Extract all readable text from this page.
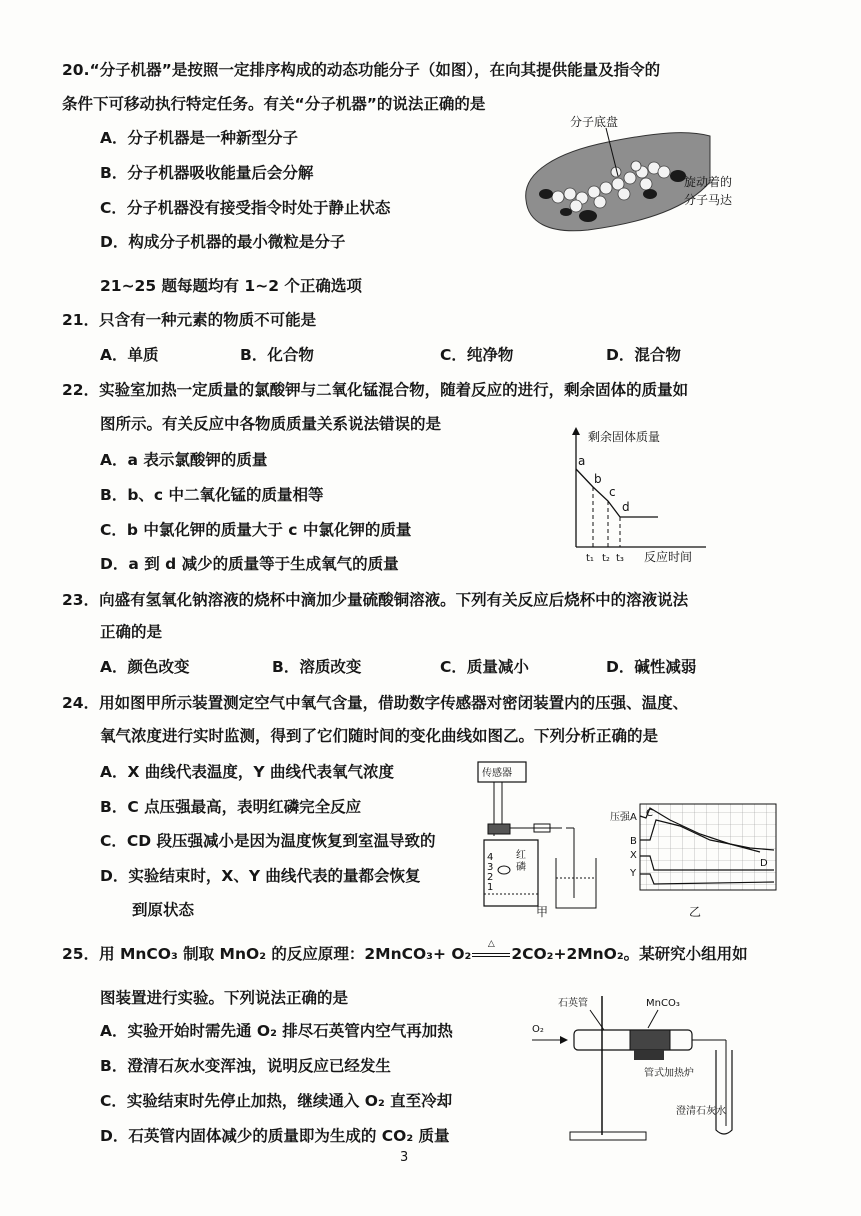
20.“分子机器”是按照一定排序构成的动态功能分子（如图），在向其提供能量及指令的
条件下可移动执行特定任务。有关“分子机器”的说法正确的是
A．分子机器是一种新型分子
B．分子机器吸收能量后会分解
C．分子机器没有接受指令时处于静止状态
D．构成分子机器的最小微粒是分子
分子底盘
旋动着的
分子马达
21~25 题每题均有 1~2 个正确选项
21．只含有一种元素的物质不可能是
A．单质	B．化合物	C．纯净物	D．混合物
22．实验室加热一定质量的氯酸钾与二氧化锰混合物，随着反应的进行，剩余固体的质量如
图所示。有关反应中各物质质量关系说法错误的是
A．a 表示氯酸钾的质量
B．b、c 中二氧化锰的质量相等
C．b 中氯化钾的质量大于 c 中氯化钾的质量
D．a 到 d 减少的质量等于生成氧气的质量
剩余固体质量
a
b
c
d
t₁ t₂ t₃ 反应时间
23．向盛有氢氧化钠溶液的烧杯中滴加少量硫酸铜溶液。下列有关反应后烧杯中的溶液说法
正确的是
A．颜色改变	B．溶质改变	C．质量减小	D．碱性减弱
24．用如图甲所示装置测定空气中氧气含量，借助数字传感器对密闭装置内的压强、温度、
氧气浓度进行实时监测，得到了它们随时间的变化曲线如图乙。下列分析正确的是
A．X 曲线代表温度，Y 曲线代表氧气浓度
B．C 点压强最高，表明红磷完全反应
C．CD 段压强减小是因为温度恢复到室温导致的
D．实验结束时，X、Y 曲线代表的量都会恢复
到原状态
传感器
4
3
2
1
红
磷
甲
压强 A
B
X
Y
C
D
乙
25．用 MnCO₃ 制取 MnO₂ 的反应原理：2MnCO₃+ O₂
△
2CO₂+2MnO₂。某研究小组用如
图装置进行实验。下列说法正确的是
A．实验开始时需先通 O₂ 排尽石英管内空气再加热
B．澄清石灰水变浑浊，说明反应已经发生
C．实验结束时先停止加热，继续通入 O₂ 直至冷却
D．石英管内固体减少的质量即为生成的 CO₂ 质量
石英管	MnCO₃
O₂
管式加热炉
澄清石灰水
3
